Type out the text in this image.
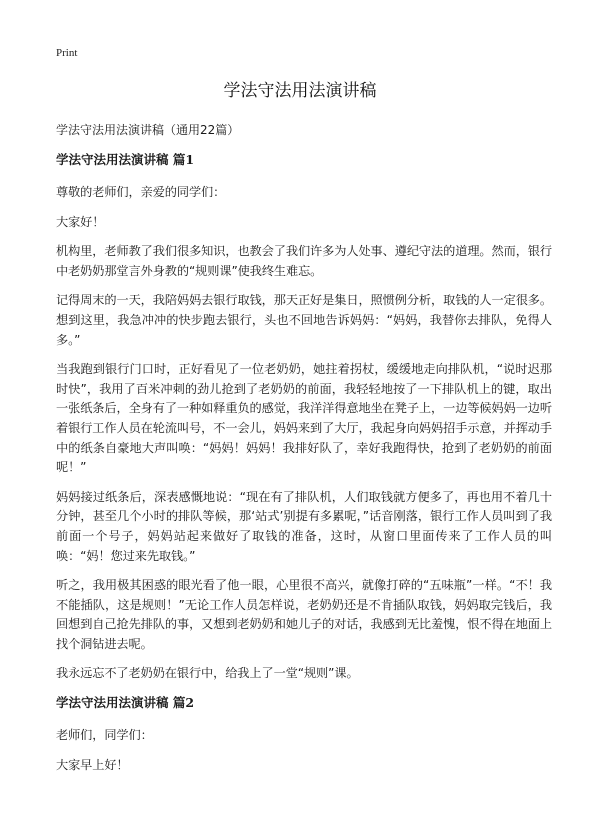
Print
学法守法用法演讲稿

学法守法用法演讲稿（通用22篇）

学法守法用法演讲稿 篇1

尊敬的老师们，亲爱的同学们：

大家好！

机构里，老师教了我们很多知识，也教会了我们许多为人处事、遵纪守法的道理。然而，银行中老奶奶那堂言外身教的“规则课”使我终生难忘。

记得周末的一天，我陪妈妈去银行取钱，那天正好是集日，照惯例分析，取钱的人一定很多。想到这里，我急冲冲的快步跑去银行，头也不回地告诉妈妈：“妈妈，我替你去排队，免得人多。”

当我跑到银行门口时，正好看见了一位老奶奶，她拄着拐杖，缓缓地走向排队机，“说时迟那时快”，我用了百米冲刺的劲儿抢到了老奶奶的前面，我轻轻地按了一下排队机上的键，取出一张纸条后，全身有了一种如释重负的感觉，我洋洋得意地坐在凳子上，一边等候妈妈一边听着银行工作人员在轮流叫号，不一会儿，妈妈来到了大厅，我起身向妈妈招手示意，并挥动手中的纸条自豪地大声叫唤：“妈妈！妈妈！我排好队了，幸好我跑得快，抢到了老奶奶的前面呢！”

妈妈接过纸条后，深表感慨地说：“现在有了排队机，人们取钱就方便多了，再也用不着几十分钟，甚至几个小时的排队等候，那‘站式’别提有多累呢，”话音刚落，银行工作人员叫到了我前面一个号子，妈妈站起来做好了取钱的准备，这时，从窗口里面传来了工作人员的叫唤：“妈！您过来先取钱。”

听之，我用极其困惑的眼光看了他一眼，心里很不高兴，就像打碎的“五味瓶”一样。“不！我不能插队，这是规则！”无论工作人员怎样说，老奶奶还是不肯插队取钱，妈妈取完钱后，我回想到自己抢先排队的事，又想到老奶奶和她儿子的对话，我感到无比羞愧，恨不得在地面上找个洞钻进去呢。

我永远忘不了老奶奶在银行中，给我上了一堂“规则”课。

学法守法用法演讲稿 篇2

老师们，同学们：

大家早上好！
